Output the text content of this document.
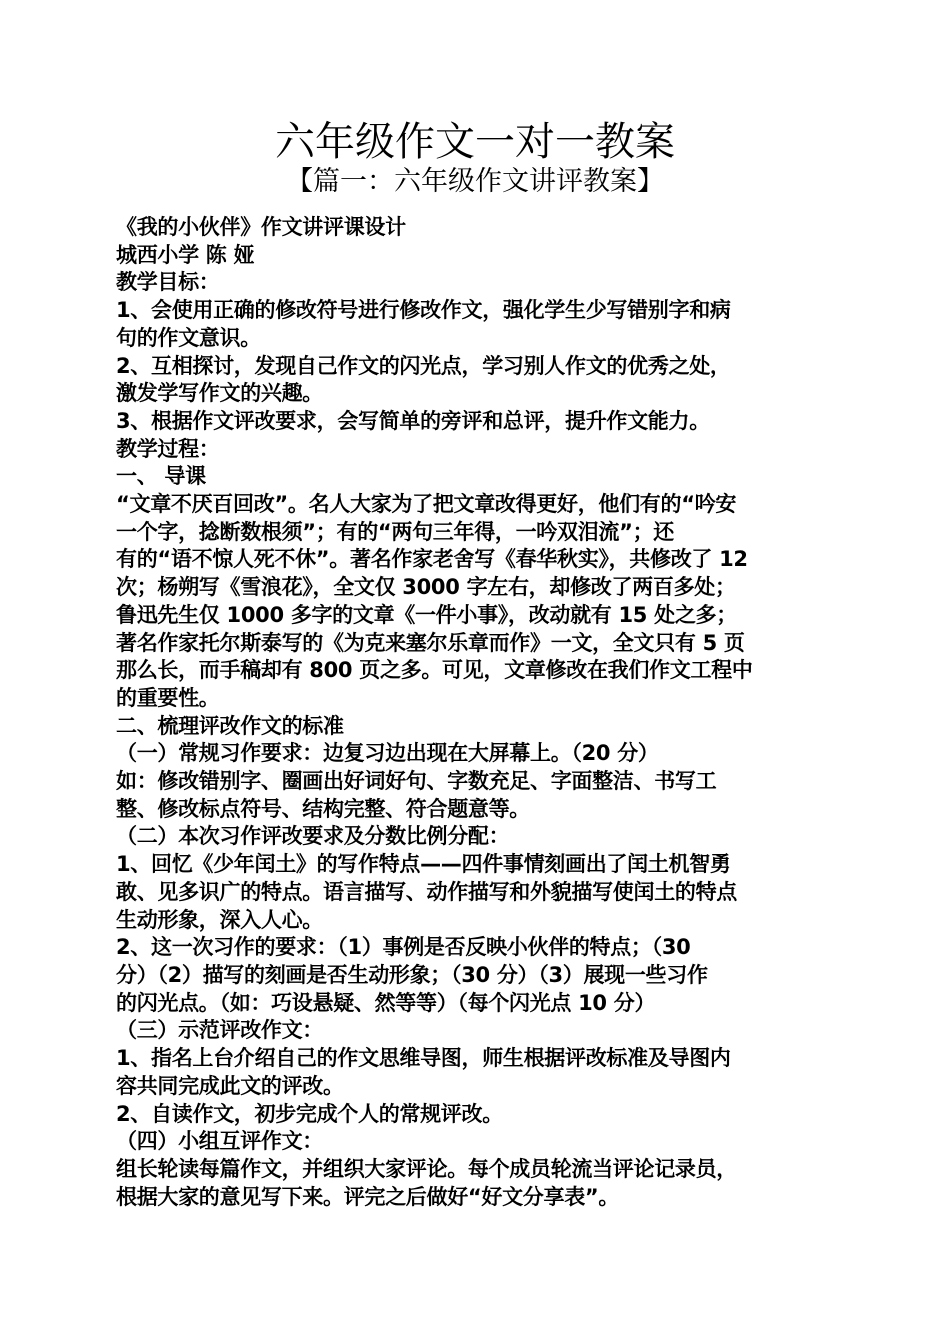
六年级作文一对一教案
【篇一：六年级作文讲评教案】
《我的小伙伴》作文讲评课设计
城西小学 陈 娅
教学目标：
1、会使用正确的修改符号进行修改作文，强化学生少写错别字和病
句的作文意识。
2、互相探讨，发现自己作文的闪光点，学习别人作文的优秀之处，
激发学写作文的兴趣。
3、根据作文评改要求，会写简单的旁评和总评，提升作文能力。
教学过程：
一、 导课
“文章不厌百回改”。名人大家为了把文章改得更好，他们有的“吟安
一个字，捻断数根须”；有的“两句三年得，一吟双泪流”；还
有的“语不惊人死不休”。著名作家老舍写《春华秋实》，共修改了 12
次；杨朔写《雪浪花》，全文仅 3000 字左右，却修改了两百多处；
鲁迅先生仅 1000 多字的文章《一件小事》，改动就有 15 处之多；
著名作家托尔斯泰写的《为克来塞尔乐章而作》一文，全文只有 5 页
那么长，而手稿却有 800 页之多。可见，文章修改在我们作文工程中
的重要性。
二、梳理评改作文的标准
（一）常规习作要求：边复习边出现在大屏幕上。（20 分）
如：修改错别字、圈画出好词好句、字数充足、字面整洁、书写工
整、修改标点符号、结构完整、符合题意等。
（二）本次习作评改要求及分数比例分配：
1、回忆《少年闰土》的写作特点——四件事情刻画出了闰土机智勇
敢、见多识广的特点。语言描写、动作描写和外貌描写使闰土的特点
生动形象，深入人心。
2、这一次习作的要求：（1）事例是否反映小伙伴的特点；（30
分）（2）描写的刻画是否生动形象；（30 分）（3）展现一些习作
的闪光点。（如：巧设悬疑、然等等）（每个闪光点 10 分）
（三）示范评改作文：
1、指名上台介绍自己的作文思维导图，师生根据评改标准及导图内
容共同完成此文的评改。
2、自读作文，初步完成个人的常规评改。
（四）小组互评作文：
组长轮读每篇作文，并组织大家评论。每个成员轮流当评论记录员，
根据大家的意见写下来。评完之后做好“好文分享表”。
